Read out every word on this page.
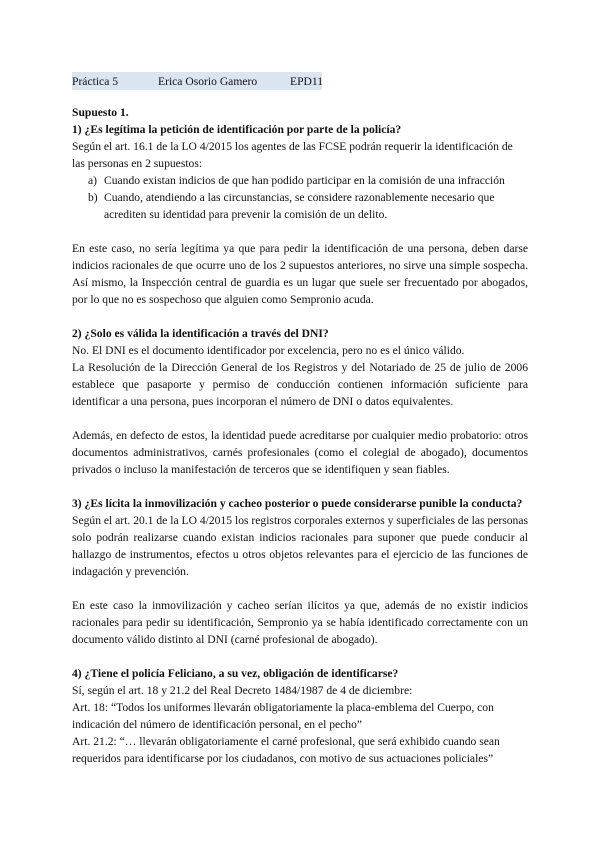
Práctica 5	Erica Osorio Gamero	EPD11

Supuesto 1.

1) ¿Es legítima la petición de identificación por parte de la policía?

Según el art. 16.1 de la LO 4/2015 los agentes de las FCSE podrán requerir la identificación de las personas en 2 supuestos:

a) Cuando existan indicios de que han podido participar en la comisión de una infracción
b) Cuando, atendiendo a las circunstancias, se considere razonablemente necesario que acrediten su identidad para prevenir la comisión de un delito.

En este caso, no sería legítima ya que para pedir la identificación de una persona, deben darse indicios racionales de que ocurre uno de los 2 supuestos anteriores, no sirve una simple sospecha. Así mismo, la Inspección central de guardia es un lugar que suele ser frecuentado por abogados, por lo que no es sospechoso que alguien como Sempronio acuda.

2) ¿Solo es válida la identificación a través del DNI?

No. El DNI es el documento identificador por excelencia, pero no es el único válido.

La Resolución de la Dirección General de los Registros y del Notariado de 25 de julio de 2006 establece que pasaporte y permiso de conducción contienen información suficiente para identificar a una persona, pues incorporan el número de DNI o datos equivalentes.

Además, en defecto de estos, la identidad puede acreditarse por cualquier medio probatorio: otros documentos administrativos, carnés profesionales (como el colegial de abogado), documentos privados o incluso la manifestación de terceros que se identifiquen y sean fiables.

3) ¿Es lícita la inmovilización y cacheo posterior o puede considerarse punible la conducta?

Según el art. 20.1 de la LO 4/2015 los registros corporales externos y superficiales de las personas solo podrán realizarse cuando existan indicios racionales para suponer que puede conducir al hallazgo de instrumentos, efectos u otros objetos relevantes para el ejercicio de las funciones de indagación y prevención.

En este caso la inmovilización y cacheo serían ilícitos ya que, además de no existir indicios racionales para pedir su identificación, Sempronio ya se había identificado correctamente con un documento válido distinto al DNI (carné profesional de abogado).

4) ¿Tiene el policía Feliciano, a su vez, obligación de identificarse?

Sí, según el art. 18 y 21.2 del Real Decreto 1484/1987 de 4 de diciembre:

Art. 18: “Todos los uniformes llevarán obligatoriamente la placa-emblema del Cuerpo, con indicación del número de identificación personal, en el pecho”

Art. 21.2: “… llevarán obligatoriamente el carné profesional, que será exhibido cuando sean requeridos para identificarse por los ciudadanos, con motivo de sus actuaciones policiales”
